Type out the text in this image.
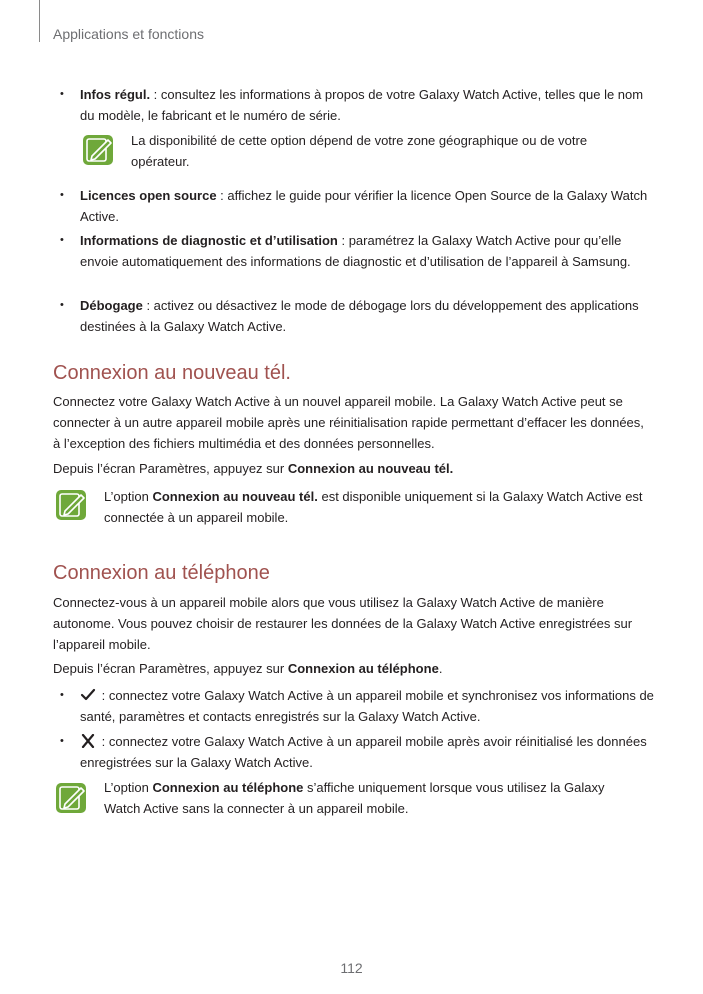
Applications et fonctions
• Infos régul. : consultez les informations à propos de votre Galaxy Watch Active, telles que le nom du modèle, le fabricant et le numéro de série.
La disponibilité de cette option dépend de votre zone géographique ou de votre opérateur.
• Licences open source : affichez le guide pour vérifier la licence Open Source de la Galaxy Watch Active.
• Informations de diagnostic et d’utilisation : paramétrez la Galaxy Watch Active pour qu’elle envoie automatiquement des informations de diagnostic et d’utilisation de l’appareil à Samsung.
• Débogage : activez ou désactivez le mode de débogage lors du développement des applications destinées à la Galaxy Watch Active.
Connexion au nouveau tél.
Connectez votre Galaxy Watch Active à un nouvel appareil mobile. La Galaxy Watch Active peut se connecter à un autre appareil mobile après une réinitialisation rapide permettant d’effacer les données, à l’exception des fichiers multimédia et des données personnelles.
Depuis l’écran Paramètres, appuyez sur Connexion au nouveau tél.
L’option Connexion au nouveau tél. est disponible uniquement si la Galaxy Watch Active est connectée à un appareil mobile.
Connexion au téléphone
Connectez-vous à un appareil mobile alors que vous utilisez la Galaxy Watch Active de manière autonome. Vous pouvez choisir de restaurer les données de la Galaxy Watch Active enregistrées sur l’appareil mobile.
Depuis l’écran Paramètres, appuyez sur Connexion au téléphone.
•	: connectez votre Galaxy Watch Active à un appareil mobile et synchronisez vos informations de santé, paramètres et contacts enregistrés sur la Galaxy Watch Active.
•	: connectez votre Galaxy Watch Active à un appareil mobile après avoir réinitialisé les données enregistrées sur la Galaxy Watch Active.
L’option Connexion au téléphone s’affiche uniquement lorsque vous utilisez la Galaxy Watch Active sans la connecter à un appareil mobile.
112
